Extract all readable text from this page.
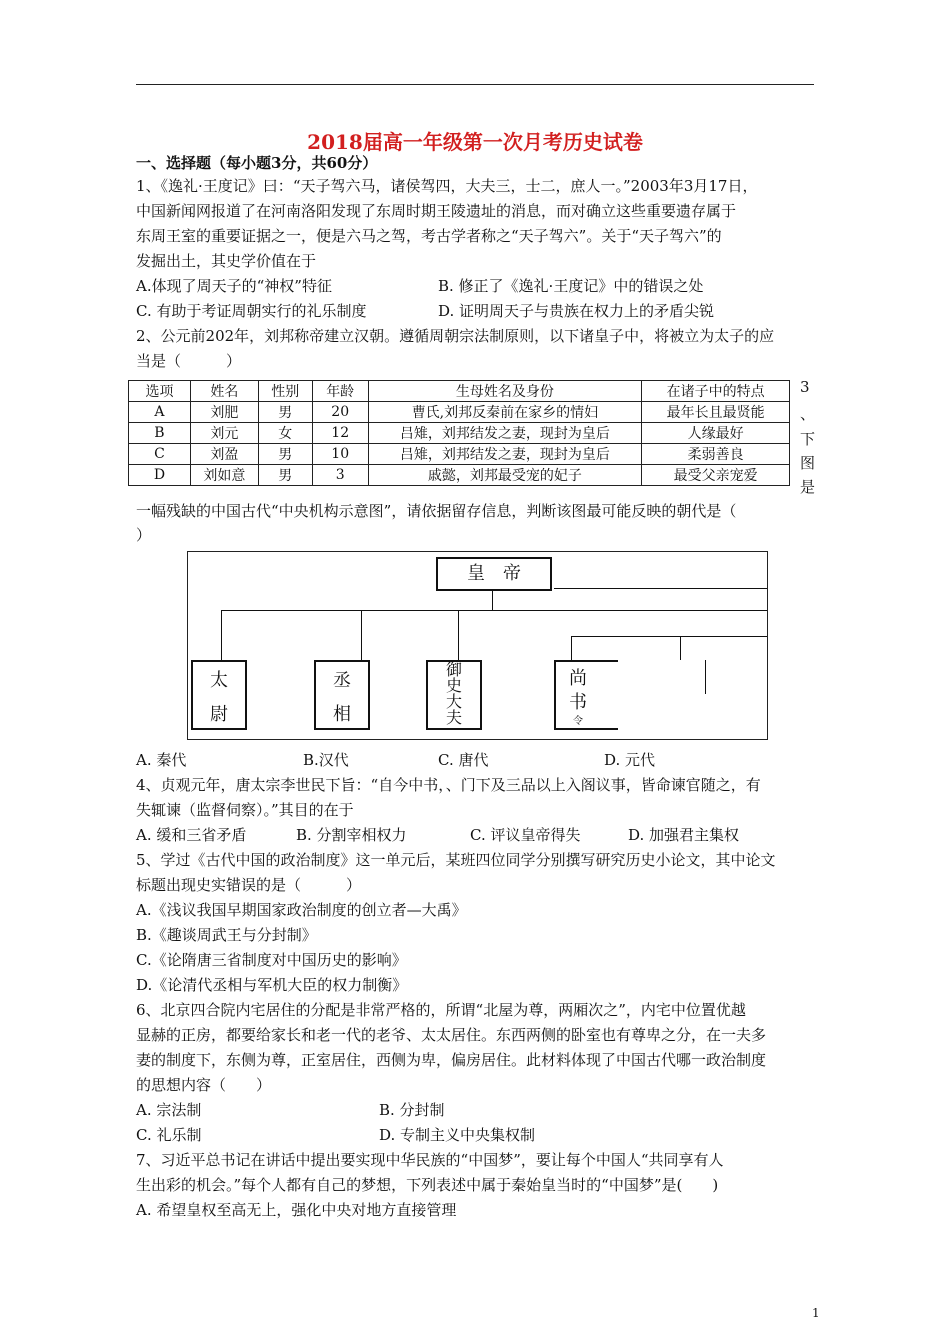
2018届高一年级第一次月考历史试卷
一、选择题（每小题3分，共60分）
1、《逸礼·王度记》曰：“天子驾六马，诸侯驾四，大夫三，士二，庶人一。”2003年3月17日，
中国新闻网报道了在河南洛阳发现了东周时期王陵遗址的消息，而对确立这些重要遗存属于
东周王室的重要证据之一，便是六马之驾，考古学者称之“天子驾六”。关于“天子驾六”的
发掘出土，其史学价值在于
A.体现了周天子的“神权”特征	B. 修正了《逸礼·王度记》中的错误之处
C. 有助于考证周朝实行的礼乐制度	D. 证明周天子与贵族在权力上的矛盾尖锐
2、公元前202年，刘邦称帝建立汉朝。遵循周朝宗法制原则，以下诸皇子中，将被立为太子的应
当是（　　　）
选项	姓名	性别	年龄	生母姓名及身份	在诸子中的特点
A	刘肥	男	20	曹氏,刘邦反秦前在家乡的情妇	最年长且最贤能
B	刘元	女	12	吕雉，刘邦结发之妻，现封为皇后	人缘最好
C	刘盈	男	10	吕雉，刘邦结发之妻，现封为皇后	柔弱善良
D	刘如意	男	3	戚懿，刘邦最受宠的妃子	最受父亲宠爱
3
、
下
图
是
一幅残缺的中国古代“中央机构示意图”，请依据留存信息，判断该图最可能反映的朝代是（
）
皇　帝
太
尉
丞
相
御
史
大
夫
尚
书
令
A. 秦代	B.汉代	C. 唐代	D. 元代
4、贞观元年，唐太宗李世民下旨：“自今中书，、门下及三品以上入阁议事，皆命谏官随之，有
失辄谏（监督伺察）。”其目的在于
A. 缓和三省矛盾	B. 分割宰相权力	C. 评议皇帝得失	D. 加强君主集权
5、学过《古代中国的政治制度》这一单元后，某班四位同学分别撰写研究历史小论文，其中论文
标题出现史实错误的是（　　　）
A.《浅议我国早期国家政治制度的创立者—大禹》
B.《趣谈周武王与分封制》
C.《论隋唐三省制度对中国历史的影响》
D.《论清代丞相与军机大臣的权力制衡》
6、北京四合院内宅居住的分配是非常严格的，所谓“北屋为尊，两厢次之”，内宅中位置优越
显赫的正房，都要给家长和老一代的老爷、太太居住。东西两侧的卧室也有尊卑之分，在一夫多
妻的制度下，东侧为尊，正室居住，西侧为卑，偏房居住。此材料体现了中国古代哪一政治制度
的思想内容（　　）
A. 宗法制	B. 分封制
C. 礼乐制	D. 专制主义中央集权制
7、习近平总书记在讲话中提出要实现中华民族的“中国梦”，要让每个中国人“共同享有人
生出彩的机会。”每个人都有自己的梦想，下列表述中属于秦始皇当时的“中国梦”是(　　)
A. 希望皇权至高无上，强化中央对地方直接管理
1
